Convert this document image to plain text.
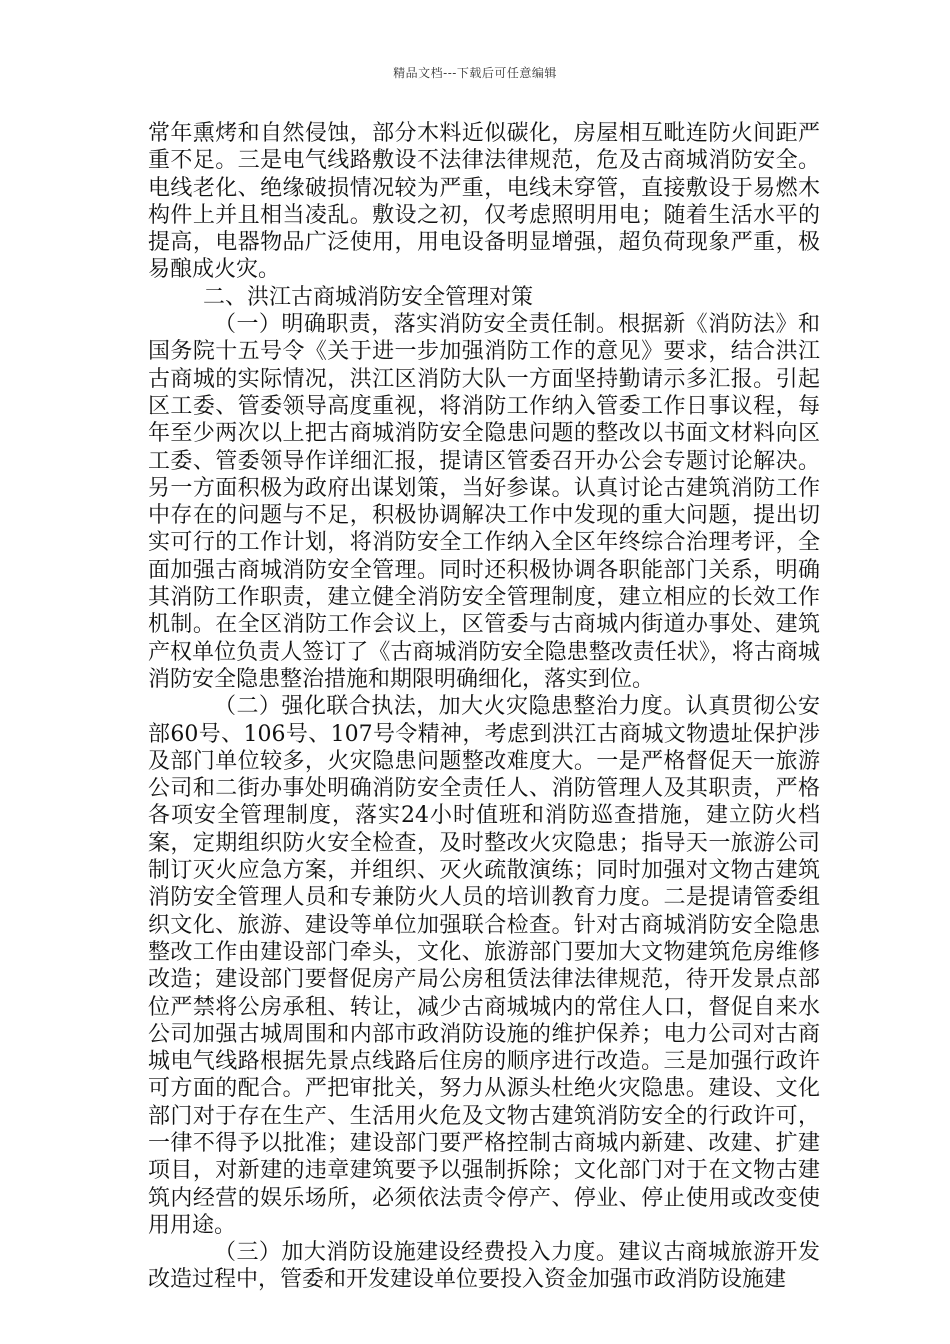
精品文档---下载后可任意编辑

常年熏烤和自然侵蚀，部分木料近似碳化，房屋相互毗连防火间距严重不足。三是电气线路敷设不法律法律规范，危及古商城消防安全。电线老化、绝缘破损情况较为严重，电线未穿管，直接敷设于易燃木构件上并且相当凌乱。敷设之初，仅考虑照明用电；随着生活水平的提高，电器物品广泛使用，用电设备明显增强，超负荷现象严重，极易酿成火灾。

二、洪江古商城消防安全管理对策

（一）明确职责，落实消防安全责任制。根据新《消防法》和国务院十五号令《关于进一步加强消防工作的意见》要求，结合洪江古商城的实际情况，洪江区消防大队一方面坚持勤请示多汇报。引起区工委、管委领导高度重视，将消防工作纳入管委工作日事议程，每年至少两次以上把古商城消防安全隐患问题的整改以书面文材料向区工委、管委领导作详细汇报，提请区管委召开办公会专题讨论解决。另一方面积极为政府出谋划策，当好参谋。认真讨论古建筑消防工作中存在的问题与不足，积极协调解决工作中发现的重大问题，提出切实可行的工作计划，将消防安全工作纳入全区年终综合治理考评，全面加强古商城消防安全管理。同时还积极协调各职能部门关系，明确其消防工作职责，建立健全消防安全管理制度，建立相应的长效工作机制。在全区消防工作会议上，区管委与古商城内街道办事处、建筑产权单位负责人签订了《古商城消防安全隐患整改责任状》，将古商城消防安全隐患整治措施和期限明确细化，落实到位。

（二）强化联合执法，加大火灾隐患整治力度。认真贯彻公安部60号、106号、107号令精神，考虑到洪江古商城文物遗址保护涉及部门单位较多，火灾隐患问题整改难度大。一是严格督促天一旅游公司和二街办事处明确消防安全责任人、消防管理人及其职责，严格各项安全管理制度，落实24小时值班和消防巡查措施，建立防火档案，定期组织防火安全检查，及时整改火灾隐患；指导天一旅游公司制订灭火应急方案，并组织、灭火疏散演练；同时加强对文物古建筑消防安全管理人员和专兼防火人员的培训教育力度。二是提请管委组织文化、旅游、建设等单位加强联合检查。针对古商城消防安全隐患整改工作由建设部门牵头，文化、旅游部门要加大文物建筑危房维修改造；建设部门要督促房产局公房租赁法律法律规范，待开发景点部位严禁将公房承租、转让，减少古商城城内的常住人口，督促自来水公司加强古城周围和内部市政消防设施的维护保养；电力公司对古商城电气线路根据先景点线路后住房的顺序进行改造。三是加强行政许可方面的配合。严把审批关，努力从源头杜绝火灾隐患。建设、文化部门对于存在生产、生活用火危及文物古建筑消防安全的行政许可，一律不得予以批准；建设部门要严格控制古商城内新建、改建、扩建项目，对新建的违章建筑要予以强制拆除；文化部门对于在文物古建筑内经营的娱乐场所，必须依法责令停产、停业、停止使用或改变使用用途。

（三）加大消防设施建设经费投入力度。建议古商城旅游开发改造过程中，管委和开发建设单位要投入资金加强市政消防设施建
